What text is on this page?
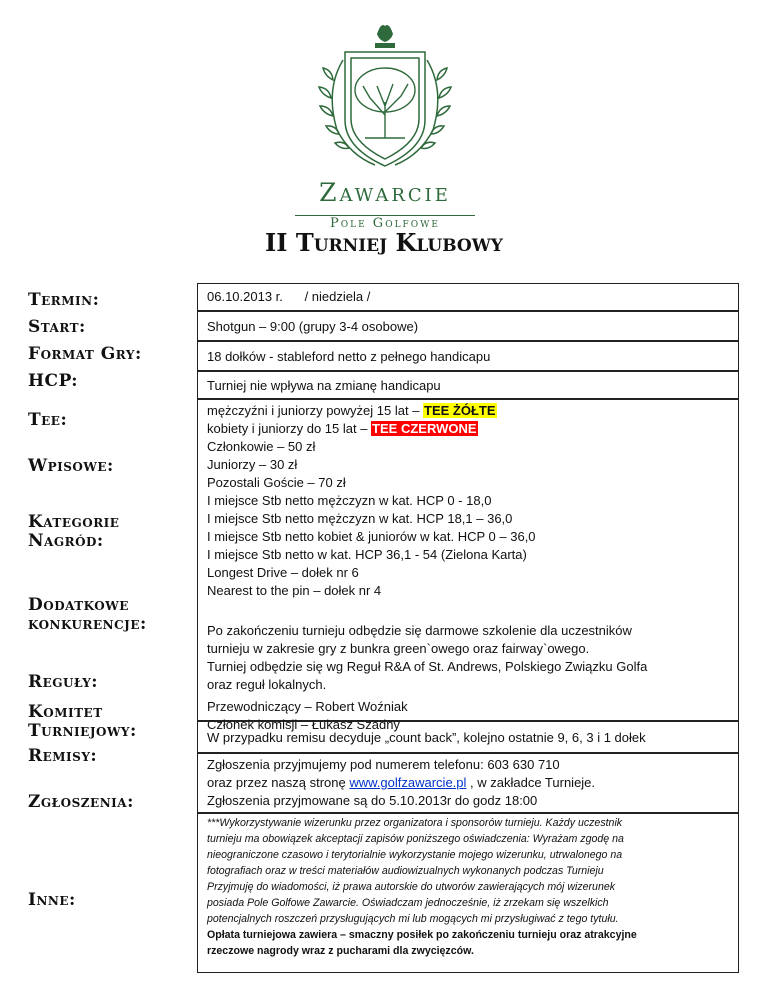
Zawarcie
Pole Golfowe
II Turniej Klubowy
Termin:
Start:
Format Gry:
HCP:
Tee:
Wpisowe:
Kategorie
Nagród:
Dodatkowe
konkurencje:
Reguły:
Komitet
Turniejowy:
Remisy:
Zgłoszenia:
Inne:
06.10.2013 r.      / niedziela /
Shotgun – 9:00 (grupy 3-4 osobowe)
18 dołków - stableford netto z pełnego handicapu
Turniej nie wpływa na zmianę handicapu
mężczyźni i juniorzy powyżej 15 lat – TEE ŻÓŁTE
kobiety i juniorzy do 15 lat – TEE CZERWONE
Członkowie – 50 zł
Juniorzy – 30 zł
Pozostali Goście – 70 zł
I miejsce Stb netto mężczyzn w kat. HCP 0 - 18,0
I miejsce Stb netto mężczyzn w kat. HCP 18,1 – 36,0
I miejsce Stb netto kobiet & juniorów w kat. HCP 0 – 36,0
I miejsce Stb netto w kat. HCP 36,1 - 54 (Zielona Karta)
Longest Drive – dołek nr 6
Nearest to the pin – dołek nr 4
Po zakończeniu turnieju odbędzie się darmowe szkolenie dla uczestników
turnieju w zakresie gry z bunkra green`owego oraz fairway`owego.
Turniej odbędzie się wg Reguł R&A of St. Andrews, Polskiego Związku Golfa
oraz reguł lokalnych.
Przewodniczący – Robert Woźniak
Członek komisji – Łukasz Szadny
W przypadku remisu decyduje „count back”, kolejno ostatnie 9, 6, 3 i 1 dołek
Zgłoszenia przyjmujemy pod numerem telefonu: 603 630 710
oraz przez naszą stronę www.golfzawarcie.pl , w zakładce Turnieje.
Zgłoszenia przyjmowane są do 5.10.2013r do godz 18:00
***Wykorzystywanie wizerunku przez organizatora i sponsorów turnieju. Każdy uczestnik
turnieju ma obowiązek akceptacji zapisów poniższego oświadczenia: Wyrażam zgodę na
nieograniczone czasowo i terytorialnie wykorzystanie mojego wizerunku, utrwalonego na
fotografiach oraz w treści materiałów audiowizualnych wykonanych podczas Turnieju
Przyjmuję do wiadomości, iż prawa autorskie do utworów zawierających mój wizerunek
posiada Pole Golfowe Zawarcie. Oświadczam jednocześnie, iż zrzekam się wszelkich
potencjalnych roszczeń przysługujących mi lub mogących mi przysługiwać z tego tytułu.
Opłata turniejowa zawiera – smaczny posiłek po zakończeniu turnieju oraz atrakcyjne
rzeczowe nagrody wraz z pucharami dla zwycięzców.
